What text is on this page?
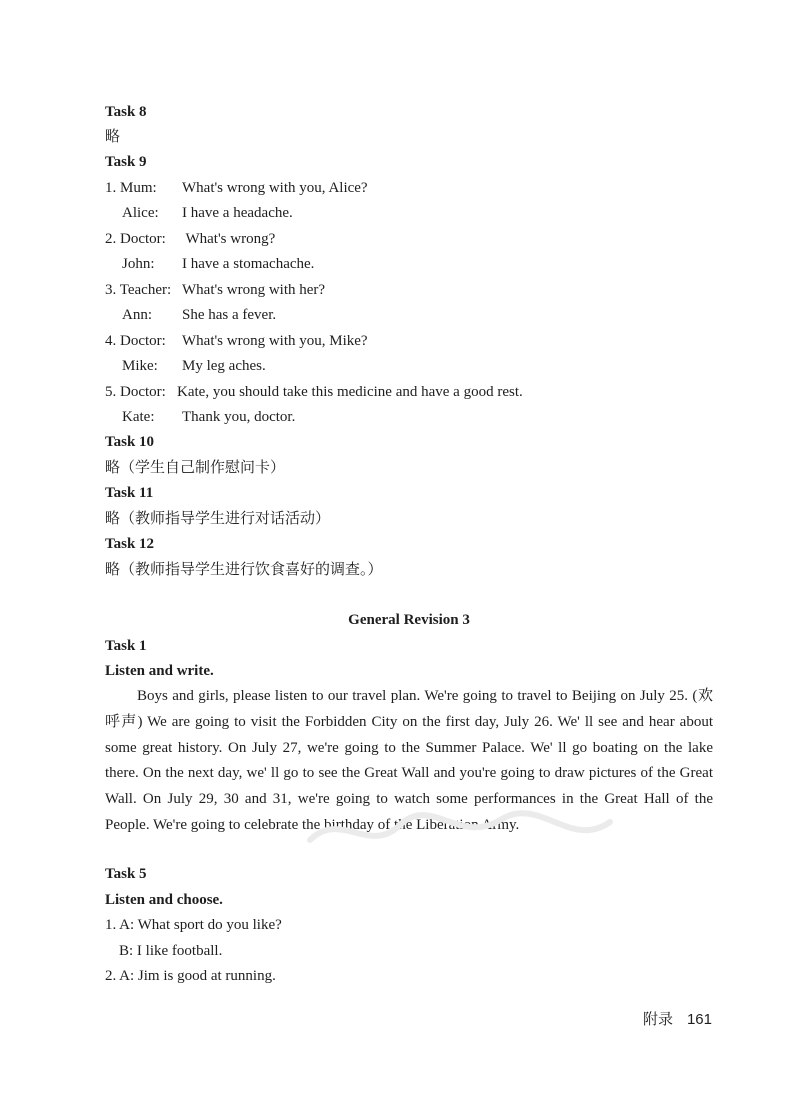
Task 8
略
Task 9
1. Mum: What's wrong with you, Alice?
Alice: I have a headache.
2. Doctor: What's wrong?
John: I have a stomachache.
3. Teacher: What's wrong with her?
Ann: She has a fever.
4. Doctor: What's wrong with you, Mike?
Mike: My leg aches.
5. Doctor: Kate, you should take this medicine and have a good rest.
Kate: Thank you, doctor.
Task 10
略（学生自己制作慰问卡）
Task 11
略（教师指导学生进行对话活动）
Task 12
略（教师指导学生进行饮食喜好的调查。）
General Revision 3
Task 1
Listen and write.
Boys and girls, please listen to our travel plan. We're going to travel to Beijing on July 25. (欢呼声) We are going to visit the Forbidden City on the first day, July 26. We' ll see and hear about some great history. On July 27, we're going to the Summer Palace. We' ll go boating on the lake there. On the next day, we' ll go to see the Great Wall and you're going to draw pictures of the Great Wall. On July 29, 30 and 31, we're going to watch some performances in the Great Hall of the People. We're going to celebrate the birthday of the Liberation Army.
Task 5
Listen and choose.
1. A: What sport do you like?
B: I like football.
2. A: Jim is good at running.
附录 161
